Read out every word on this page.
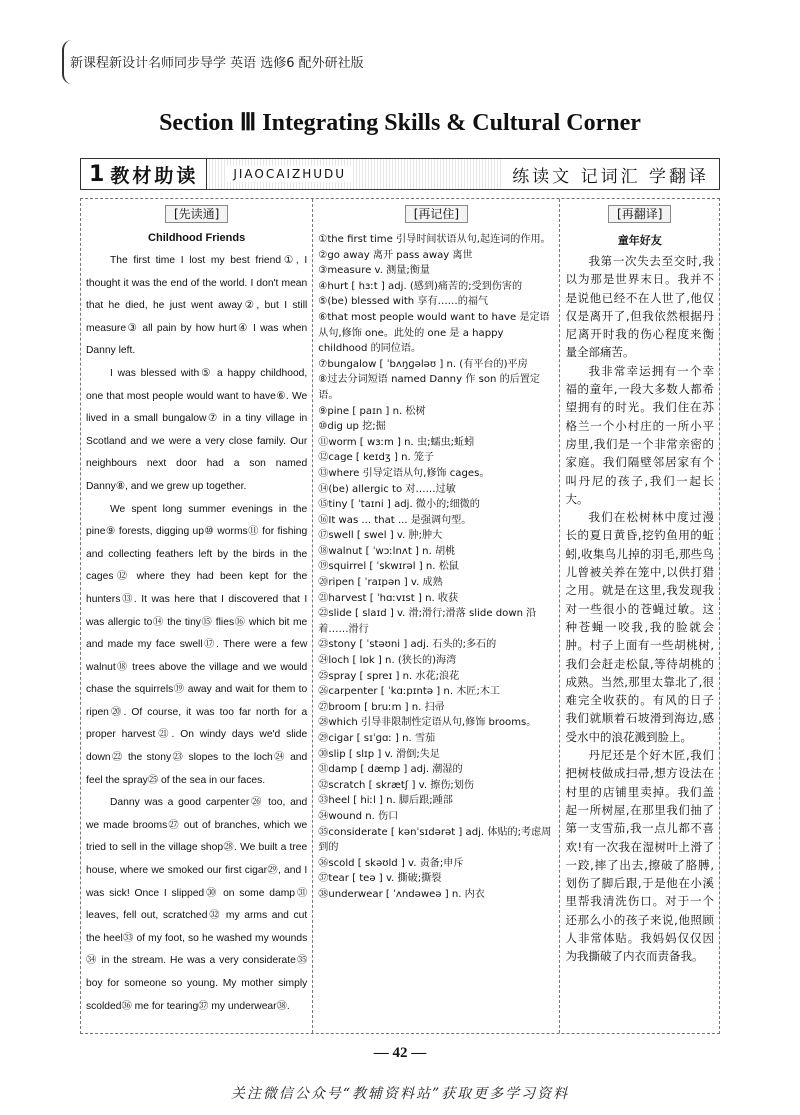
新课程新设计名师同步导学 英语 选修6 配外研社版
Section Ⅲ Integrating Skills & Cultural Corner
1 教材助读	JIAOCAIZHUDU	练读文 记词汇 学翻译
[先读通]
Childhood Friends

The first time I lost my best friend①, I thought it was the end of the world. I don't mean that he died, he just went away②, but I still measure③ all pain by how hurt④ I was when Danny left.

I was blessed with⑤ a happy childhood, one that most people would want to have⑥. We lived in a small bungalow⑦ in a tiny village in Scotland and we were a very close family. Our neighbours next door had a son named Danny⑧, and we grew up together.

We spent long summer evenings in the pine⑨ forests, digging up⑩ worms⑪ for fishing and collecting feathers left by the birds in the cages⑫ where they had been kept for the hunters⑬. It was here that I discovered that I was allergic to⑭ the tiny⑮ flies⑯ which bit me and made my face swell⑰. There were a few walnut⑱ trees above the village and we would chase the squirrels⑲ away and wait for them to ripen⑳. Of course, it was too far north for a proper harvest㉑. On windy days we'd slide down㉒ the stony㉓ slopes to the loch㉔ and feel the spray㉕ of the sea in our faces.

Danny was a good carpenter㉖ too, and we made brooms㉗ out of branches, which we tried to sell in the village shop㉘. We built a tree house, where we smoked our first cigar㉙, and I was sick! Once I slipped㉚ on some damp㉛ leaves, fell out, scratched㉜ my arms and cut the heel㉝ of my foot, so he washed my wounds㉞ in the stream. He was a very considerate㉟ boy for someone so young. My mother simply scolded㊱ me for tearing㊲ my underwear㊳.

[再记住]

①the first time 引导时间状语从句,起连词的作用。

②go away 离开 pass away 离世

③measure v. 测量;衡量

④hurt [ hɜːt ] adj. (感到)痛苦的;受到伤害的

⑤(be) blessed with 享有……的福气

⑥that most people would want to have 是定语从句,修饰 one。此处的 one 是 a happy childhood 的同位语。

⑦bungalow [ ˈbʌŋɡələʊ ] n. (有平台的)平房

⑧过去分词短语 named Danny 作 son 的后置定语。

⑨pine [ paɪn ] n. 松树

⑩dig up 挖;掘

⑪worm [ wɜːm ] n. 虫;蠕虫;蚯蚓

⑫cage [ keɪdʒ ] n. 笼子

⑬where 引导定语从句,修饰 cages。

⑭(be) allergic to 对……过敏

⑮tiny [ ˈtaɪni ] adj. 微小的;细微的

⑯It was ... that ... 是强调句型。

⑰swell [ swel ] v. 肿;肿大

⑱walnut [ ˈwɔːlnʌt ] n. 胡桃

⑲squirrel [ ˈskwɪrəl ] n. 松鼠

⑳ripen [ ˈraɪpən ] v. 成熟

㉑harvest [ ˈhɑːvɪst ] n. 收获

㉒slide [ slaɪd ] v. 滑;滑行;滑落 slide down 沿着……滑行

㉓stony [ ˈstəʊni ] adj. 石头的;多石的

㉔loch [ lɒk ] n. (狭长的)海湾

㉕spray [ spreɪ ] n. 水花;浪花

㉖carpenter [ ˈkɑːpɪntə ] n. 木匠;木工

㉗broom [ bruːm ] n. 扫帚

㉘which 引导非限制性定语从句,修饰 brooms。

㉙cigar [ sɪˈɡɑː ] n. 雪茄

㉚slip [ slɪp ] v. 滑倒;失足

㉛damp [ dæmp ] adj. 潮湿的

㉜scratch [ skrætʃ ] v. 擦伤;划伤

㉝heel [ hiːl ] n. 脚后跟;踵部

㉞wound n. 伤口

㉟considerate [ kənˈsɪdərət ] adj. 体贴的;考虑周到的

㊱scold [ skəʊld ] v. 责备;申斥

㊲tear [ teə ] v. 撕破;撕裂

㊳underwear [ ˈʌndəweə ] n. 内衣

[再翻译]
童年好友

我第一次失去至交时,我以为那是世界末日。我并不是说他已经不在人世了,他仅仅是离开了,但我依然根据丹尼离开时我的伤心程度来衡量全部痛苦。

我非常幸运拥有一个幸福的童年,一段大多数人都希望拥有的时光。我们住在苏格兰一个小村庄的一所小平房里,我们是一个非常亲密的家庭。我们隔壁邻居家有个叫丹尼的孩子,我们一起长大。

我们在松树林中度过漫长的夏日黄昏,挖钓鱼用的蚯蚓,收集鸟儿掉的羽毛,那些鸟儿曾被关养在笼中,以供打猎之用。就是在这里,我发现我对一些很小的苍蝇过敏。这种苍蝇一咬我,我的脸就会肿。村子上面有一些胡桃树,我们会赶走松鼠,等待胡桃的成熟。当然,那里太靠北了,很难完全收获的。有风的日子我们就顺着石坡滑到海边,感受水中的浪花溅到脸上。

丹尼还是个好木匠,我们把树枝做成扫帚,想方设法在村里的店铺里卖掉。我们盖起一所树屋,在那里我们抽了第一支雪茄,我一点儿都不喜欢!有一次我在湿树叶上滑了一跤,摔了出去,擦破了胳膊,划伤了脚后跟,于是他在小溪里帮我清洗伤口。对于一个还那么小的孩子来说,他照顾人非常体贴。我妈妈仅仅因为我撕破了内衣而责备我。

— 42 —
关注微信公众号“教辅资料站”获取更多学习资料
